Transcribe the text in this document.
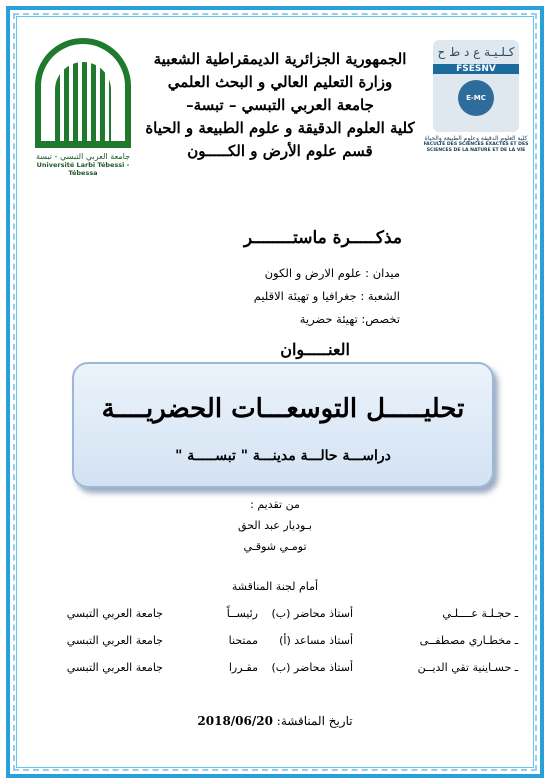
الجمهورية الجزائرية الديمقراطية الشعبية
وزارة التعليم العالي و البحث العلمي
جامعة العربي التبسي – تبسة–
كلية العلوم الدقيقة و علوم الطبيعة و الحياة
قسم علوم الأرض و الكـــــون
جامعة العربي التبسي - تبسة
Université Larbi Tébessi - Tébessa
كـلـيـة ع د ط ح
FSESNV
E-MC
كلية العلوم الدقيقة وعلوم الطبيعة والحياة
FACULTÉ DES SCIENCES EXACTES ET DES SCIENCES DE LA NATURE ET DE LA VIE
مذكـــــرة ماستــــــــر
ميدان : علوم الارض و الكون
الشعبة : جغرافيا و تهيئة الاقليم
تخصص: تهيئة حضرية
العنـــــوان
تحليـــــل التوسعـــات الحضريــــة
دراســـة حالـــة مدينـــة " تبســـــة "
من تقديم :
بـوديار عبد الحق
تومـي شوقـي
أمام لجنة المناقشة
ـ حجـلـة عــــلـي
أستاذ محاضر (ب)
رئيســاً
جامعة العربي التبسي
ـ مخطـاري مصطفــى
أستاذ مساعد (أ)
ممتحنا
جامعة العربي التبسي
ـ حسـاينية تقي الديــن
أستاذ محاضر (ب)
مقـررا
جامعة العربي التبسي
تاريخ المناقشة: 2018/06/20
